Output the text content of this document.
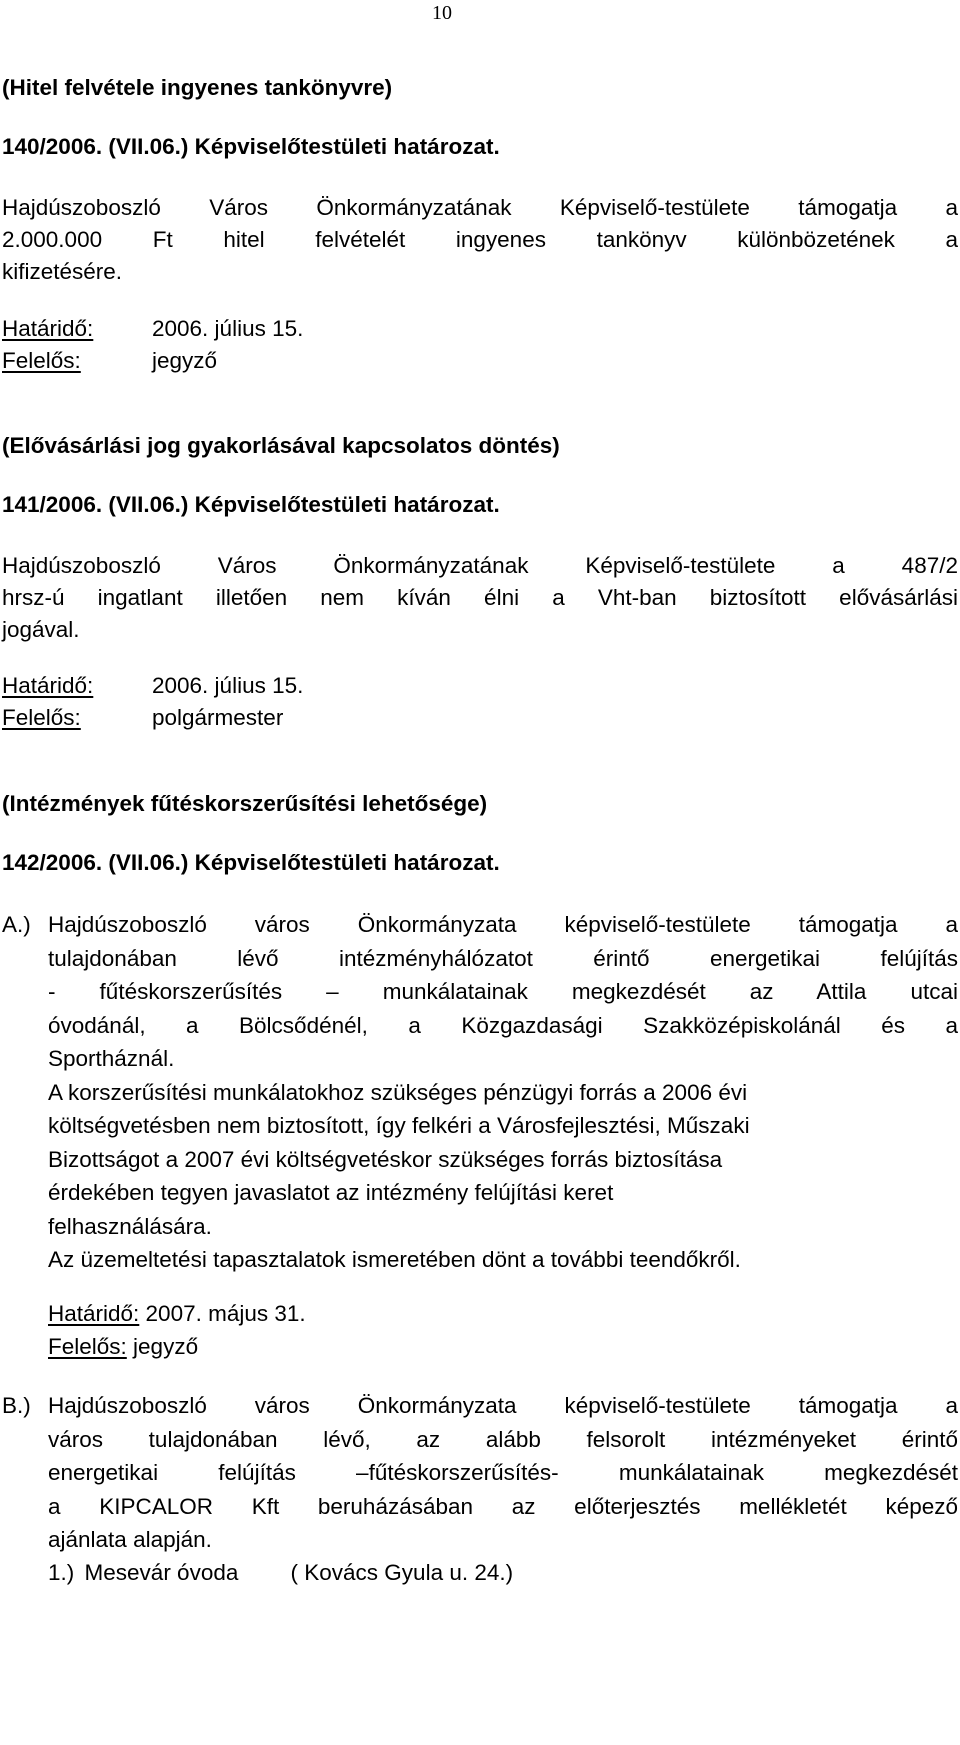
10
(Hitel felvétele ingyenes tankönyvre)
140/2006. (VII.06.) Képviselőtestületi határozat.
Hajdúszoboszló Város Önkormányzatának Képviselő-testülete támogatja a
2.000.000 Ft hitel felvételét ingyenes tankönyv különbözetének a
kifizetésére.
Határidő:	2006. július 15.
Felelős:	jegyző
(Elővásárlási jog gyakorlásával kapcsolatos döntés)
141/2006. (VII.06.) Képviselőtestületi határozat.
Hajdúszoboszló Város Önkormányzatának Képviselő-testülete a 487/2
hrsz-ú ingatlant illetően nem kíván élni a Vht-ban biztosított elővásárlási
jogával.
Határidő:	2006. július 15.
Felelős:	polgármester
(Intézmények fűtéskorszerűsítési lehetősége)
142/2006. (VII.06.) Képviselőtestületi határozat.
A.) Hajdúszoboszló város Önkormányzata képviselő-testülete támogatja a
tulajdonában lévő intézményhálózatot érintő energetikai felújítás
- fűtéskorszerűsítés – munkálatainak megkezdését az Attila utcai
óvodánál, a Bölcsődénél, a Közgazdasági Szakközépiskolánál és a
Sportháznál.
A korszerűsítési munkálatokhoz szükséges pénzügyi forrás a 2006 évi
költségvetésben nem biztosított, így felkéri a Városfejlesztési, Műszaki
Bizottságot a 2007 évi költségvetéskor szükséges forrás biztosítása
érdekében tegyen javaslatot az intézmény felújítási keret
felhasználására.
Az üzemeltetési tapasztalatok ismeretében dönt a további teendőkről.
Határidő: 2007. május 31.
Felelős: jegyző
B.) Hajdúszoboszló város Önkormányzata képviselő-testülete támogatja a
város tulajdonában lévő, az alább felsorolt intézményeket érintő
energetikai felújítás –fűtéskorszerűsítés- munkálatainak megkezdését
a KIPCALOR Kft beruházásában az előterjesztés mellékletét képező
ajánlata alapján.
1.) Mesevár óvoda ( Kovács Gyula u. 24.)
